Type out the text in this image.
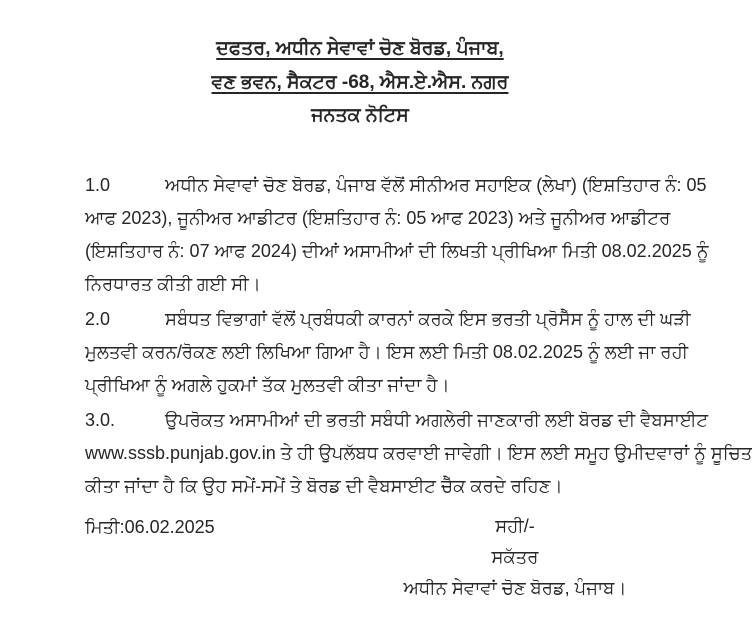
ਦਫਤਰ, ਅਧੀਨ ਸੇਵਾਵਾਂ ਚੋਣ ਬੋਰਡ, ਪੰਜਾਬ,
ਵਣ ਭਵਨ, ਸੈਕਟਰ -68, ਐਸ.ਏ.ਐਸ. ਨਗਰ
ਜਨਤਕ ਨੋਟਿਸ
1.0	ਅਧੀਨ ਸੇਵਾਵਾਂ ਚੋਣ ਬੋਰਡ, ਪੰਜਾਬ ਵੱਲੋਂ ਸੀਨੀਅਰ ਸਹਾਇਕ (ਲੇਖਾ) (ਇਸ਼ਤਿਹਾਰ ਨੰ: 05
ਆਫ 2023), ਜੂਨੀਅਰ ਆਡੀਟਰ (ਇਸ਼ਤਿਹਾਰ ਨੰ: 05 ਆਫ 2023) ਅਤੇ ਜੂਨੀਅਰ ਆਡੀਟਰ
(ਇਸ਼ਤਿਹਾਰ ਨੰ: 07 ਆਫ 2024) ਦੀਆਂ ਅਸਾਮੀਆਂ ਦੀ ਲਿਖਤੀ ਪ੍ਰੀਖਿਆ ਮਿਤੀ 08.02.2025 ਨੂੰ
ਨਿਰਧਾਰਤ ਕੀਤੀ ਗਈ ਸੀ।
2.0	ਸਬੰਧਤ ਵਿਭਾਗਾਂ ਵੱਲੋਂ ਪ੍ਰਬੰਧਕੀ ਕਾਰਨਾਂ ਕਰਕੇ ਇਸ ਭਰਤੀ ਪ੍ਰੋਸੈੱਸ ਨੂੰ ਹਾਲ ਦੀ ਘੜੀ
ਮੁਲਤਵੀ ਕਰਨ/ਰੋਕਣ ਲਈ ਲਿਖਿਆ ਗਿਆ ਹੈ। ਇਸ ਲਈ ਮਿਤੀ 08.02.2025 ਨੂੰ ਲਈ ਜਾ ਰਹੀ
ਪ੍ਰੀਖਿਆ ਨੂੰ ਅਗਲੇ ਹੁਕਮਾਂ ਤੱਕ ਮੁਲਤਵੀ ਕੀਤਾ ਜਾਂਦਾ ਹੈ।
3.0.	ਉਪਰੋਕਤ ਅਸਾਮੀਆਂ ਦੀ ਭਰਤੀ ਸਬੰਧੀ ਅਗਲੇਰੀ ਜਾਣਕਾਰੀ ਲਈ ਬੋਰਡ ਦੀ ਵੈਬਸਾਈਟ
www.sssb.punjab.gov.in ਤੇ ਹੀ ਉਪਲੱਬਧ ਕਰਵਾਈ ਜਾਵੇਗੀ। ਇਸ ਲਈ ਸਮੂਹ ਉਮੀਦਵਾਰਾਂ ਨੂੰ ਸੂਚਿਤ
ਕੀਤਾ ਜਾਂਦਾ ਹੈ ਕਿ ਉਹ ਸਮੇਂ-ਸਮੇਂ ਤੇ ਬੋਰਡ ਦੀ ਵੈਬਸਾਈਟ ਚੈੱਕ ਕਰਦੇ ਰਹਿਣ।
ਮਿਤੀ:06.02.2025	ਸਹੀ/-
ਸਕੱਤਰ
ਅਧੀਨ ਸੇਵਾਵਾਂ ਚੋਣ ਬੋਰਡ, ਪੰਜਾਬ।
